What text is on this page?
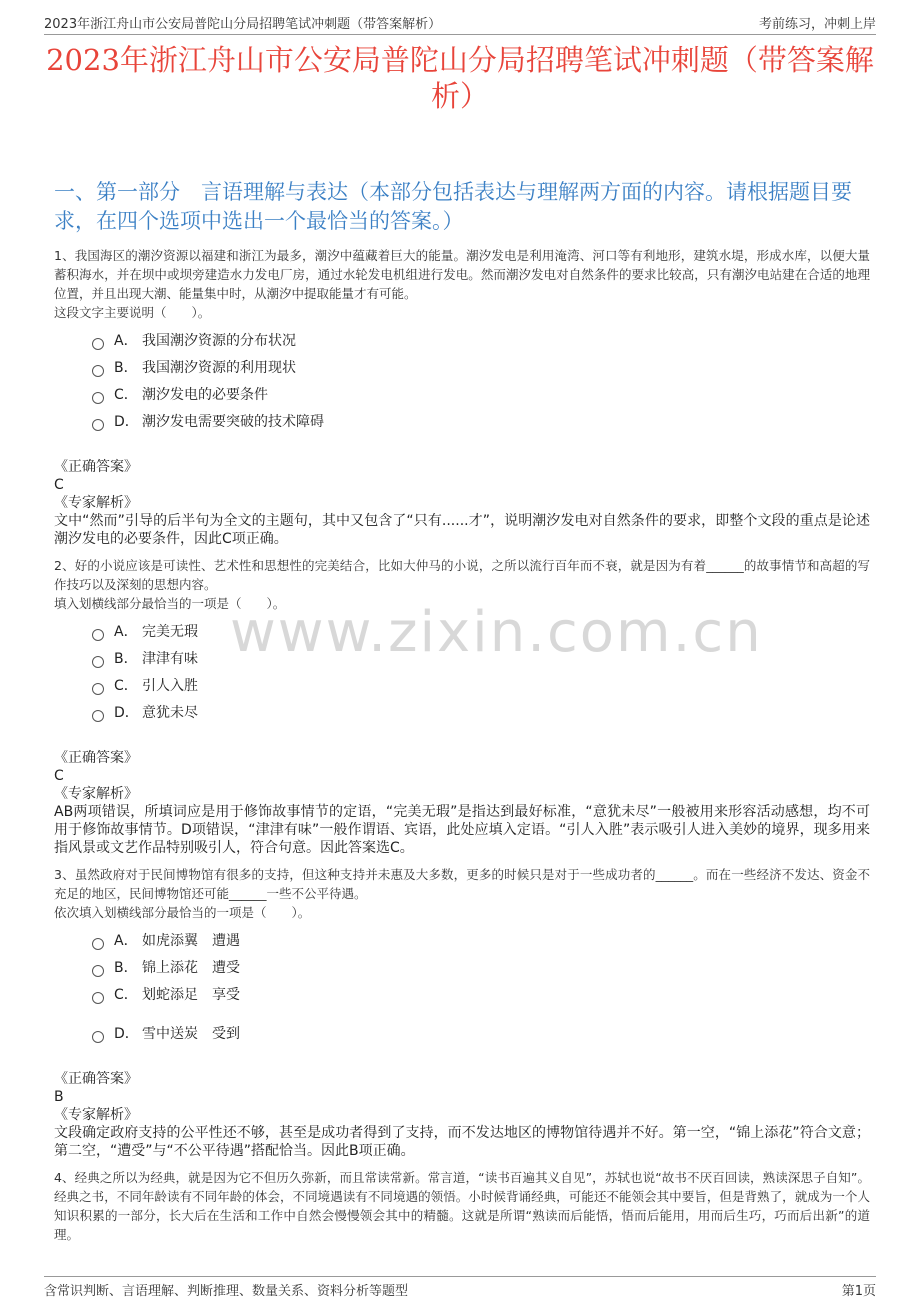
2023年浙江舟山市公安局普陀山分局招聘笔试冲刺题（带答案解析）	考前练习，冲刺上岸
2023年浙江舟山市公安局普陀山分局招聘笔试冲刺题（带答案解析）
一、第一部分　言语理解与表达（本部分包括表达与理解两方面的内容。请根据题目要求，在四个选项中选出一个最恰当的答案。）
www.zixin.com.cn
1、我国海区的潮汐资源以福建和浙江为最多，潮汐中蕴藏着巨大的能量。潮汐发电是利用淹湾、河口等有利地形，建筑水堤，形成水库，以便大量蓄积海水，并在坝中或坝旁建造水力发电厂房，通过水轮发电机组进行发电。然而潮汐发电对自然条件的要求比较高，只有潮汐电站建在合适的地理位置，并且出现大潮、能量集中时，从潮汐中提取能量才有可能。
这段文字主要说明（　　）。
A． 我国潮汐资源的分布状况
B． 我国潮汐资源的利用现状
C． 潮汐发电的必要条件
D． 潮汐发电需要突破的技术障碍
《正确答案》
C
《专家解析》
文中“然而”引导的后半句为全文的主题句，其中又包含了“只有......才”，说明潮汐发电对自然条件的要求，即整个文段的重点是论述潮汐发电的必要条件，因此C项正确。
2、好的小说应该是可读性、艺术性和思想性的完美结合，比如大仲马的小说，之所以流行百年而不衰，就是因为有着______的故事情节和高超的写作技巧以及深刻的思想内容。
填入划横线部分最恰当的一项是（　　）。
A． 完美无瑕
B． 津津有味
C． 引人入胜
D． 意犹未尽
《正确答案》
C
《专家解析》
AB两项错误，所填词应是用于修饰故事情节的定语，“完美无瑕”是指达到最好标准，“意犹未尽”一般被用来形容活动感想，均不可用于修饰故事情节。D项错误，“津津有味”一般作谓语、宾语，此处应填入定语。“引人入胜”表示吸引人进入美妙的境界，现多用来指风景或文艺作品特别吸引人，符合句意。因此答案选C。
3、虽然政府对于民间博物馆有很多的支持，但这种支持并未惠及大多数，更多的时候只是对于一些成功者的______。而在一些经济不发达、资金不充足的地区，民间博物馆还可能______一些不公平待遇。
依次填入划横线部分最恰当的一项是（　　）。
A． 如虎添翼　遭遇
B． 锦上添花　遭受
C． 划蛇添足　享受
D． 雪中送炭　受到
《正确答案》
B
《专家解析》
文段确定政府支持的公平性还不够，甚至是成功者得到了支持，而不发达地区的博物馆待遇并不好。第一空，“锦上添花”符合文意；第二空，“遭受”与“不公平待遇”搭配恰当。因此B项正确。
4、经典之所以为经典，就是因为它不但历久弥新，而且常读常新。常言道，“读书百遍其义自见”，苏轼也说“故书不厌百回读，熟读深思子自知”。经典之书，不同年龄读有不同年龄的体会，不同境遇读有不同境遇的领悟。小时候背诵经典，可能还不能领会其中要旨，但是背熟了，就成为一个人知识积累的一部分，长大后在生活和工作中自然会慢慢领会其中的精髓。这就是所谓“熟读而后能悟，悟而后能用，用而后生巧，巧而后出新”的道理。
含常识判断、言语理解、判断推理、数量关系、资料分析等题型	第1页
